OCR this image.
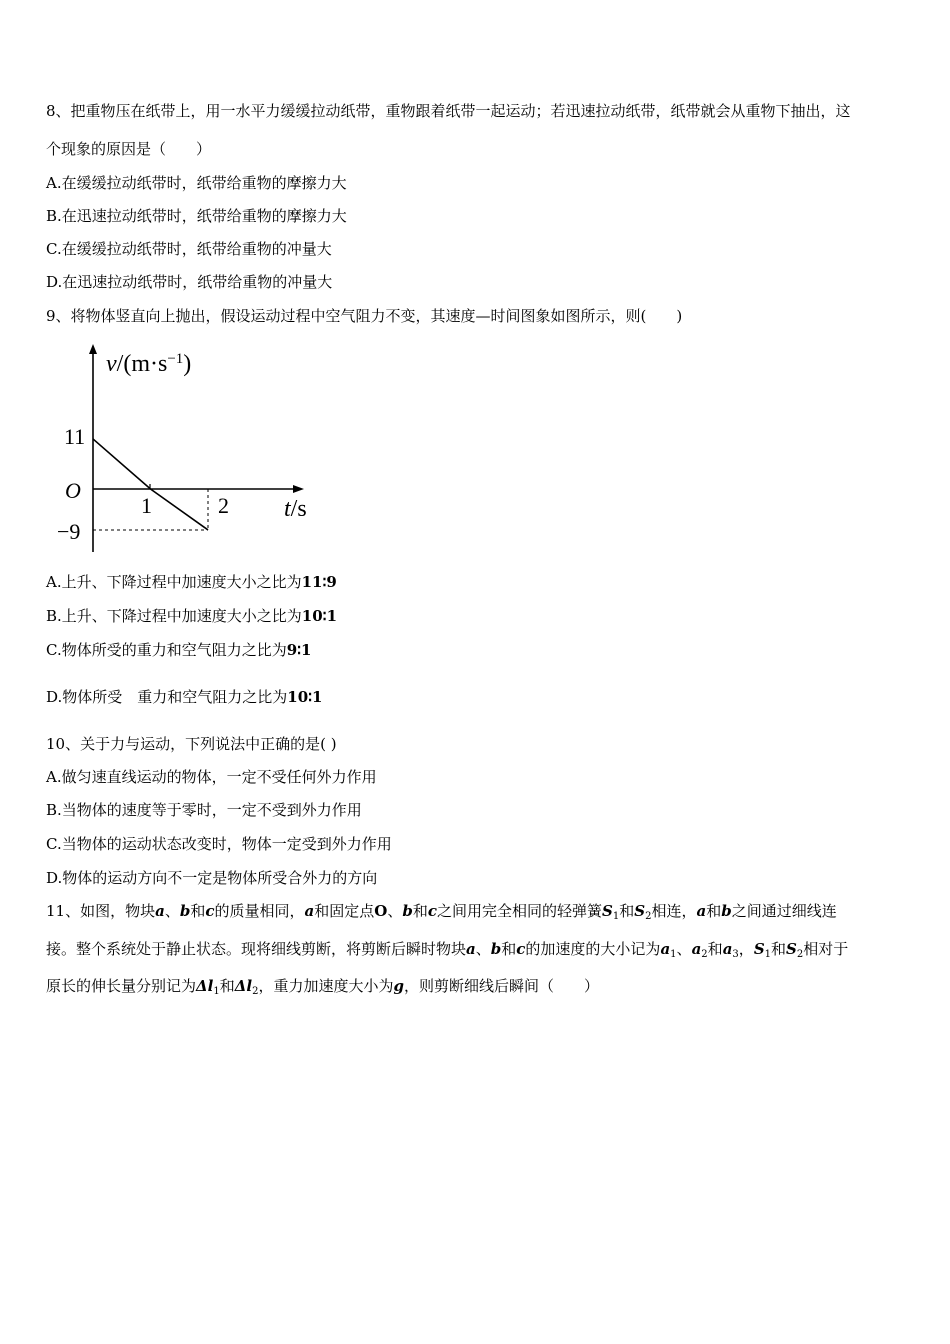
8、把重物压在纸带上，用一水平力缓缓拉动纸带，重物跟着纸带一起运动；若迅速拉动纸带，纸带就会从重物下抽出，这
个现象的原因是（　　）
A.在缓缓拉动纸带时，纸带给重物的摩擦力大
B.在迅速拉动纸带时，纸带给重物的摩擦力大
C.在缓缓拉动纸带时，纸带给重物的冲量大
D.在迅速拉动纸带时，纸带给重物的冲量大
9、将物体竖直向上抛出，假设运动过程中空气阻力不变，其速度—时间图象如图所示，则(　　)
$v/(m\cdot s^{-1})$
11
O
1	2
−9
t/s
A.上升、下降过程中加速度大小之比为11∶9
B.上升、下降过程中加速度大小之比为10∶1
C.物体所受的重力和空气阻力之比为9∶1
D.物体所受　重力和空气阻力之比为10∶1
10、关于力与运动，下列说法中正确的是( )
A.做匀速直线运动的物体，一定不受任何外力作用
B.当物体的速度等于零时，一定不受到外力作用
C.当物体的运动状态改变时，物体一定受到外力作用
D.物体的运动方向不一定是物体所受合外力的方向
11、如图，物块a、b和c的质量相同，a和固定点O、b和c之间用完全相同的轻弹簧$S_1$和$S_2$相连，a和b之间通过细线连
接。整个系统处于静止状态。现将细线剪断，将剪断后瞬时物块a、b和c的加速度的大小记为$a_1$、$a_2$和$a_3$，$S_1$和$S_2$相对于
原长的伸长量分别记为$\Delta l_1$和$\Delta l_2$，重力加速度大小为g，则剪断细线后瞬间（　　）
